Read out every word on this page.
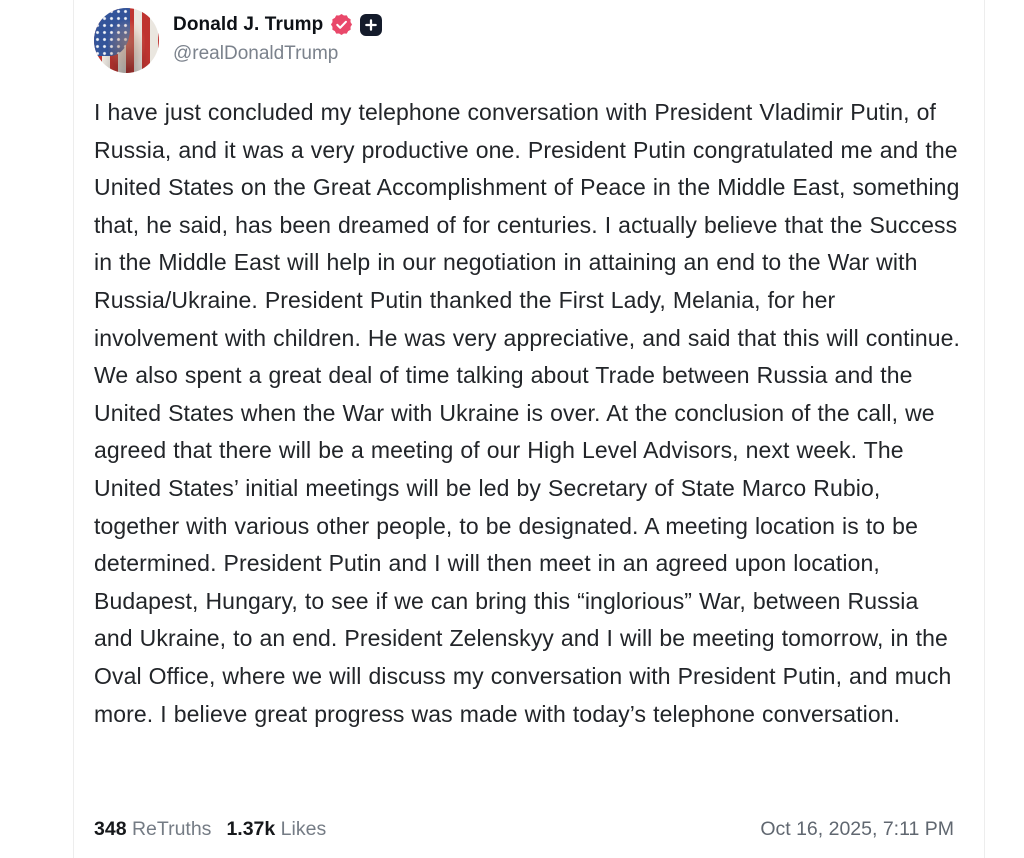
Donald J. Trump
@realDonaldTrump

I have just concluded my telephone conversation with President Vladimir Putin, of Russia, and it was a very productive one. President Putin congratulated me and the United States on the Great Accomplishment of Peace in the Middle East, something that, he said, has been dreamed of for centuries. I actually believe that the Success in the Middle East will help in our negotiation in attaining an end to the War with Russia/Ukraine. President Putin thanked the First Lady, Melania, for her involvement with children. He was very appreciative, and said that this will continue. We also spent a great deal of time talking about Trade between Russia and the United States when the War with Ukraine is over. At the conclusion of the call, we agreed that there will be a meeting of our High Level Advisors, next week. The United States’ initial meetings will be led by Secretary of State Marco Rubio, together with various other people, to be designated. A meeting location is to be determined. President Putin and I will then meet in an agreed upon location, Budapest, Hungary, to see if we can bring this “inglorious” War, between Russia and Ukraine, to an end. President Zelenskyy and I will be meeting tomorrow, in the Oval Office, where we will discuss my conversation with President Putin, and much more. I believe great progress was made with today’s telephone conversation.

348 ReTruths 1.37k Likes	Oct 16, 2025, 7:11 PM
